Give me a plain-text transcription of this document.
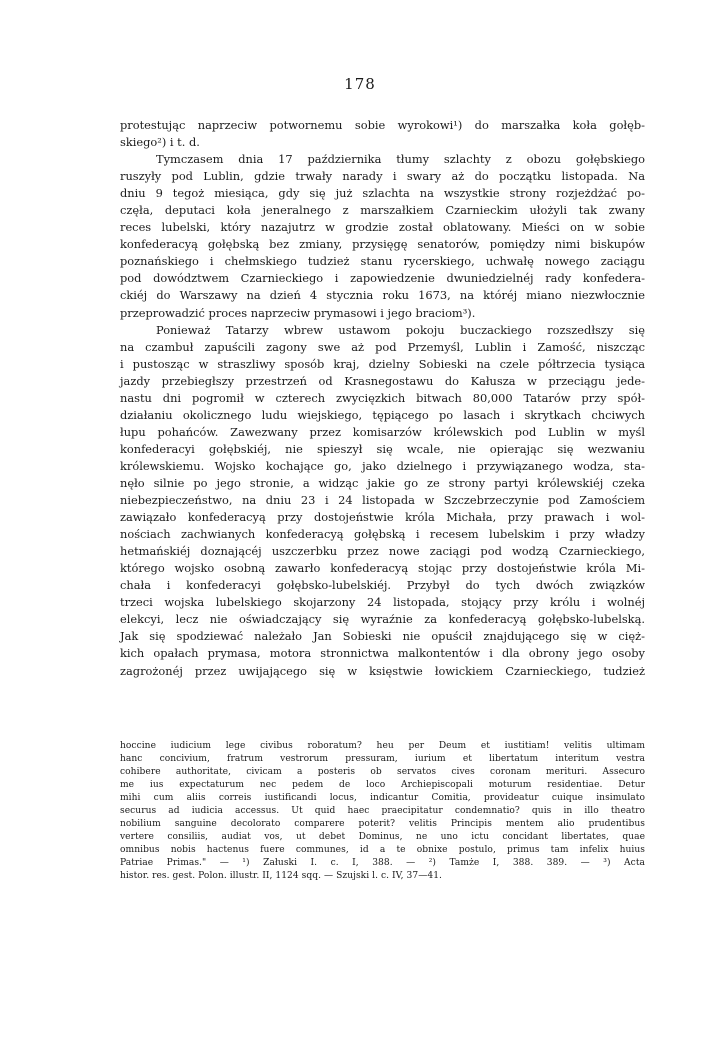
178
protestując naprzeciw potwornemu sobie wyrokowi¹) do marszałka koła gołęb-
skiego²) i t. d.
Tymczasem dnia 17 października tłumy szlachty z obozu gołębskiego
ruszyły pod Lublin, gdzie trwały narady i swary aż do początku listopada. Na
dniu 9 tegoż miesiąca, gdy się już szlachta na wszystkie strony rozjeżdżać po-
częła, deputaci koła jeneralnego z marszałkiem Czarnieckim ułożyli tak zwany
reces lubelski, który nazajutrz w grodzie został oblatowany. Mieści on w sobie
konfederacyą gołębską bez zmiany, przysięgę senatorów, pomiędzy nimi biskupów
poznańskiego i chełmskiego tudzież stanu rycerskiego, uchwałę nowego zaciągu
pod dowództwem Czarnieckiego i zapowiedzenie dwuniedzielnéj rady konfedera-
ckiéj do Warszawy na dzień 4 stycznia roku 1673, na któréj miano niezwłocznie
przeprowadzić proces naprzeciw prymasowi i jego braciom³).
Ponieważ Tatarzy wbrew ustawom pokoju buczackiego rozszedłszy się
na czambuł zapuścili zagony swe aż pod Przemyśl, Lublin i Zamość, niszcząc
i pustosząc w straszliwy sposób kraj, dzielny Sobieski na czele półtrzecia tysiąca
jazdy przebiegłszy przestrzeń od Krasnegostawu do Kałusza w przeciągu jede-
nastu dni pogromił w czterech zwycięzkich bitwach 80,000 Tatarów przy spół-
działaniu okolicznego ludu wiejskiego, tępiącego po lasach i skrytkach chciwych
łupu pohańców. Zawezwany przez komisarzów królewskich pod Lublin w myśl
konfederacyi gołębskiéj, nie spieszył się wcale, nie opierając się wezwaniu
królewskiemu. Wojsko kochające go, jako dzielnego i przywiązanego wodza, sta-
nęło silnie po jego stronie, a widząc jakie go ze strony partyi królewskiéj czeka
niebezpieczeństwo, na dniu 23 i 24 listopada w Szczebrzeczynie pod Zamościem
zawiązało konfederacyą przy dostojeństwie króla Michała, przy prawach i wol-
nościach zachwianych konfederacyą gołębską i recesem lubelskim i przy władzy
hetmańskiéj doznającéj uszczerbku przez nowe zaciągi pod wodzą Czarnieckiego,
którego wojsko osobną zawarło konfederacyą stojąc przy dostojeństwie króla Mi-
chała i konfederacyi gołębsko-lubelskiéj. Przybył do tych dwóch związków
trzeci wojska lubelskiego skojarzony 24 listopada, stojący przy królu i wolnéj
elekcyi, lecz nie oświadczający się wyraźnie za konfederacyą gołębsko-lubelską.
Jak się spodziewać należało Jan Sobieski nie opuścił znajdującego się w cięż-
kich opałach prymasa, motora stronnictwa malkontentów i dla obrony jego osoby
zagrożonéj przez uwijającego się w księstwie łowickiem Czarnieckiego, tudzież
hoccine iudicium lege civibus roboratum? heu per Deum et iustitiam! velitis ultimam
hanc concivium, fratrum vestrorum pressuram, iurium et libertatum interitum vestra
cohibere authoritate, civicam a posteris ob servatos cives coronam meriturі. Assecuro
me ius expectaturum nec pedem de loco Archiepiscopali moturum residentiae. Detur
mihi cum aliis correis iustificandi locus, indicantur Comitia, provideatur cuique insimulato
securus ad iudicia accessus. Ut quid haec praecipitatur condemnatio? quis in illo theatro
nobilium sanguine decolorato comparere poterit? velitis Principis mentem alio prudentibus
vertere consiliis, audiat vos, ut debet Dominus, ne uno ictu concidant libertates, quae
omnibus nobis hactenus fuere communes, id a te obnixe postulo, primus tam infelix huius
Patriae Primas." — ¹) Załuski I. c. I, 388. — ²) Tamże I, 388. 389. — ³) Acta
histor. res. gest. Polon. illustr. II, 1124 sqq. — Szujski l. c. IV, 37—41.
